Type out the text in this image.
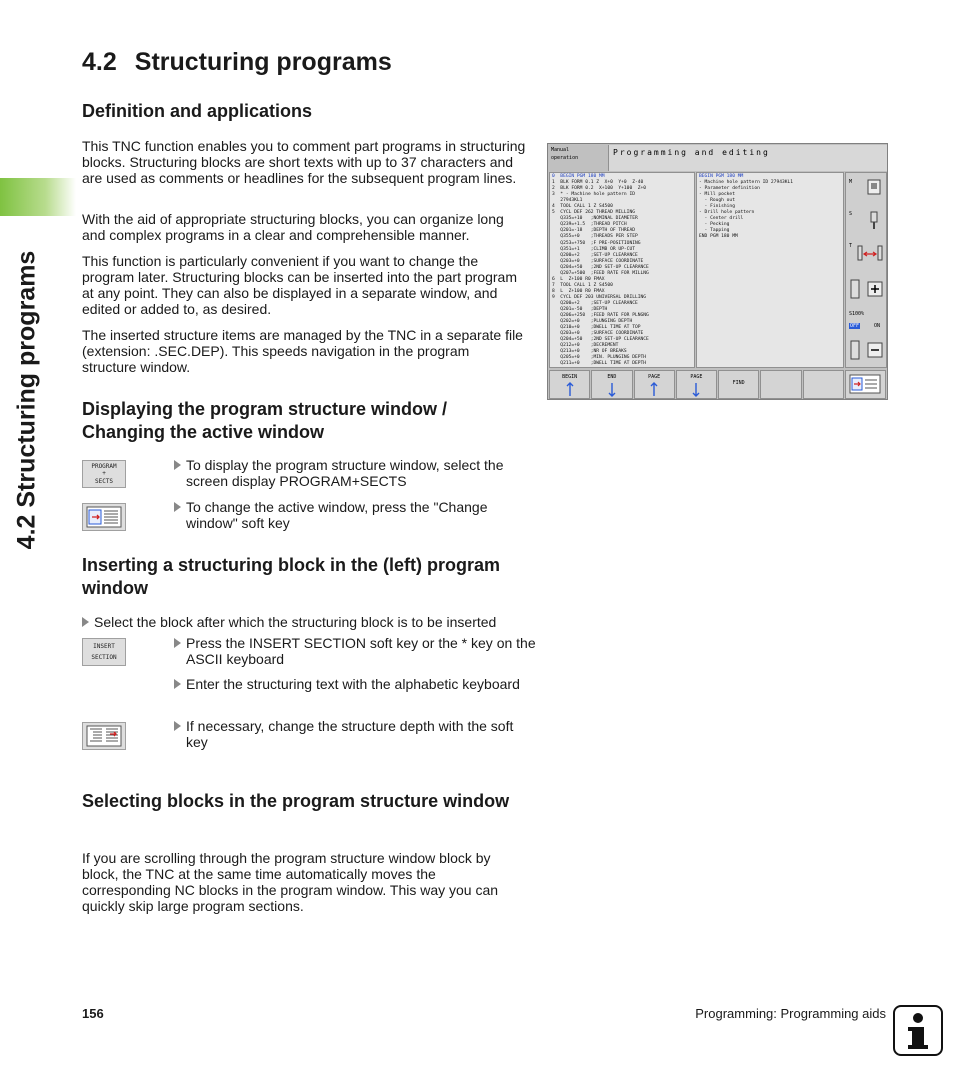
4.2 Structuring programs
4.2 Structuring programs
Definition and applications

This TNC function enables you to comment part programs in structuring blocks. Structuring blocks are short texts with up to 37 characters and are used as comments or headlines for the subsequent program lines.

With the aid of appropriate structuring blocks, you can organize long and complex programs in a clear and comprehensible manner.

This function is particularly convenient if you want to change the program later. Structuring blocks can be inserted into the part program at any point. They can also be displayed in a separate window, and edited or added to, as desired.

The inserted structure items are managed by the TNC in a separate file (extension: .SEC.DEP). This speeds navigation in the program structure window.

Displaying the program structure window / Changing the active window
PROGRAM
+
SECTS

To display the program structure window, select the screen display PROGRAM+SECTS

To change the active window, press the "Change window" soft key

Inserting a structuring block in the (left) program window

Select the block after which the structuring block is to be inserted

INSERT
SECTION

Press the INSERT SECTION soft key or the * key on the ASCII keyboard

Enter the structuring text with the alphabetic keyboard

If necessary, change the structure depth with the soft key

Selecting blocks in the program structure window

If you are scrolling through the program structure window block by block, the TNC at the same time automatically moves the corresponding NC blocks in the program window. This way you can quickly skip large program sections.

Manual
operation
Programming and editing
0  BEGIN PGM 180 MM
1  BLK FORM 0.1 Z  X+0  Y+0  Z-40
2  BLK FORM 0.2  X+100  Y+100  Z+0
3  * - Machine hole pattern ID
27943KL1
4  TOOL CALL 1 Z S4500
5  CYCL DEF 262 THREAD MILLING
Q335=+10   ;NOMINAL DIAMETER
Q239=+1.5  ;THREAD PITCH
Q201=-18   ;DEPTH OF THREAD
Q355=+0    ;THREADS PER STEP
Q253=+750  ;F PRE-POSITIONING
Q351=+1    ;CLIMB OR UP-CUT
Q200=+2    ;SET-UP CLEARANCE
Q203=+0    ;SURFACE COORDINATE
Q204=+50   ;2ND SET-UP CLEARANCE
Q207=+500  ;FEED RATE FOR MILLNG
6  L  Z+100 R0 FMAX
7  TOOL CALL 1 Z S4500
8  L  Z+100 R0 FMAX
9  CYCL DEF 203 UNIVERSAL DRILLING
Q200=+2    ;SET-UP CLEARANCE
Q201=-50   ;DEPTH
Q206=+250  ;FEED RATE FOR PLNGNG
Q202=+0    ;PLUNGING DEPTH
Q210=+0    ;DWELL TIME AT TOP
Q203=+0    ;SURFACE COORDINATE
Q204=+50   ;2ND SET-UP CLEARANCE
Q212=+0    ;DECREMENT
Q213=+0    ;NR OF BREAKS
Q205=+0    ;MIN. PLUNGING DEPTH
Q211=+0    ;DWELL TIME AT DEPTH
BEGIN PGM 180 MM
- Machine hole pattern ID 27943KL1
- Parameter definition
- Mill pocket
- Rough out
- Finishing
- Drill hole pattern
- Center drill
- Pecking
- Tapping
END PGM 180 MM
M
S
T
S100%
OFF	ON
BEGIN	END	PAGE	PAGE
FIND
156	Programming: Programming aids
